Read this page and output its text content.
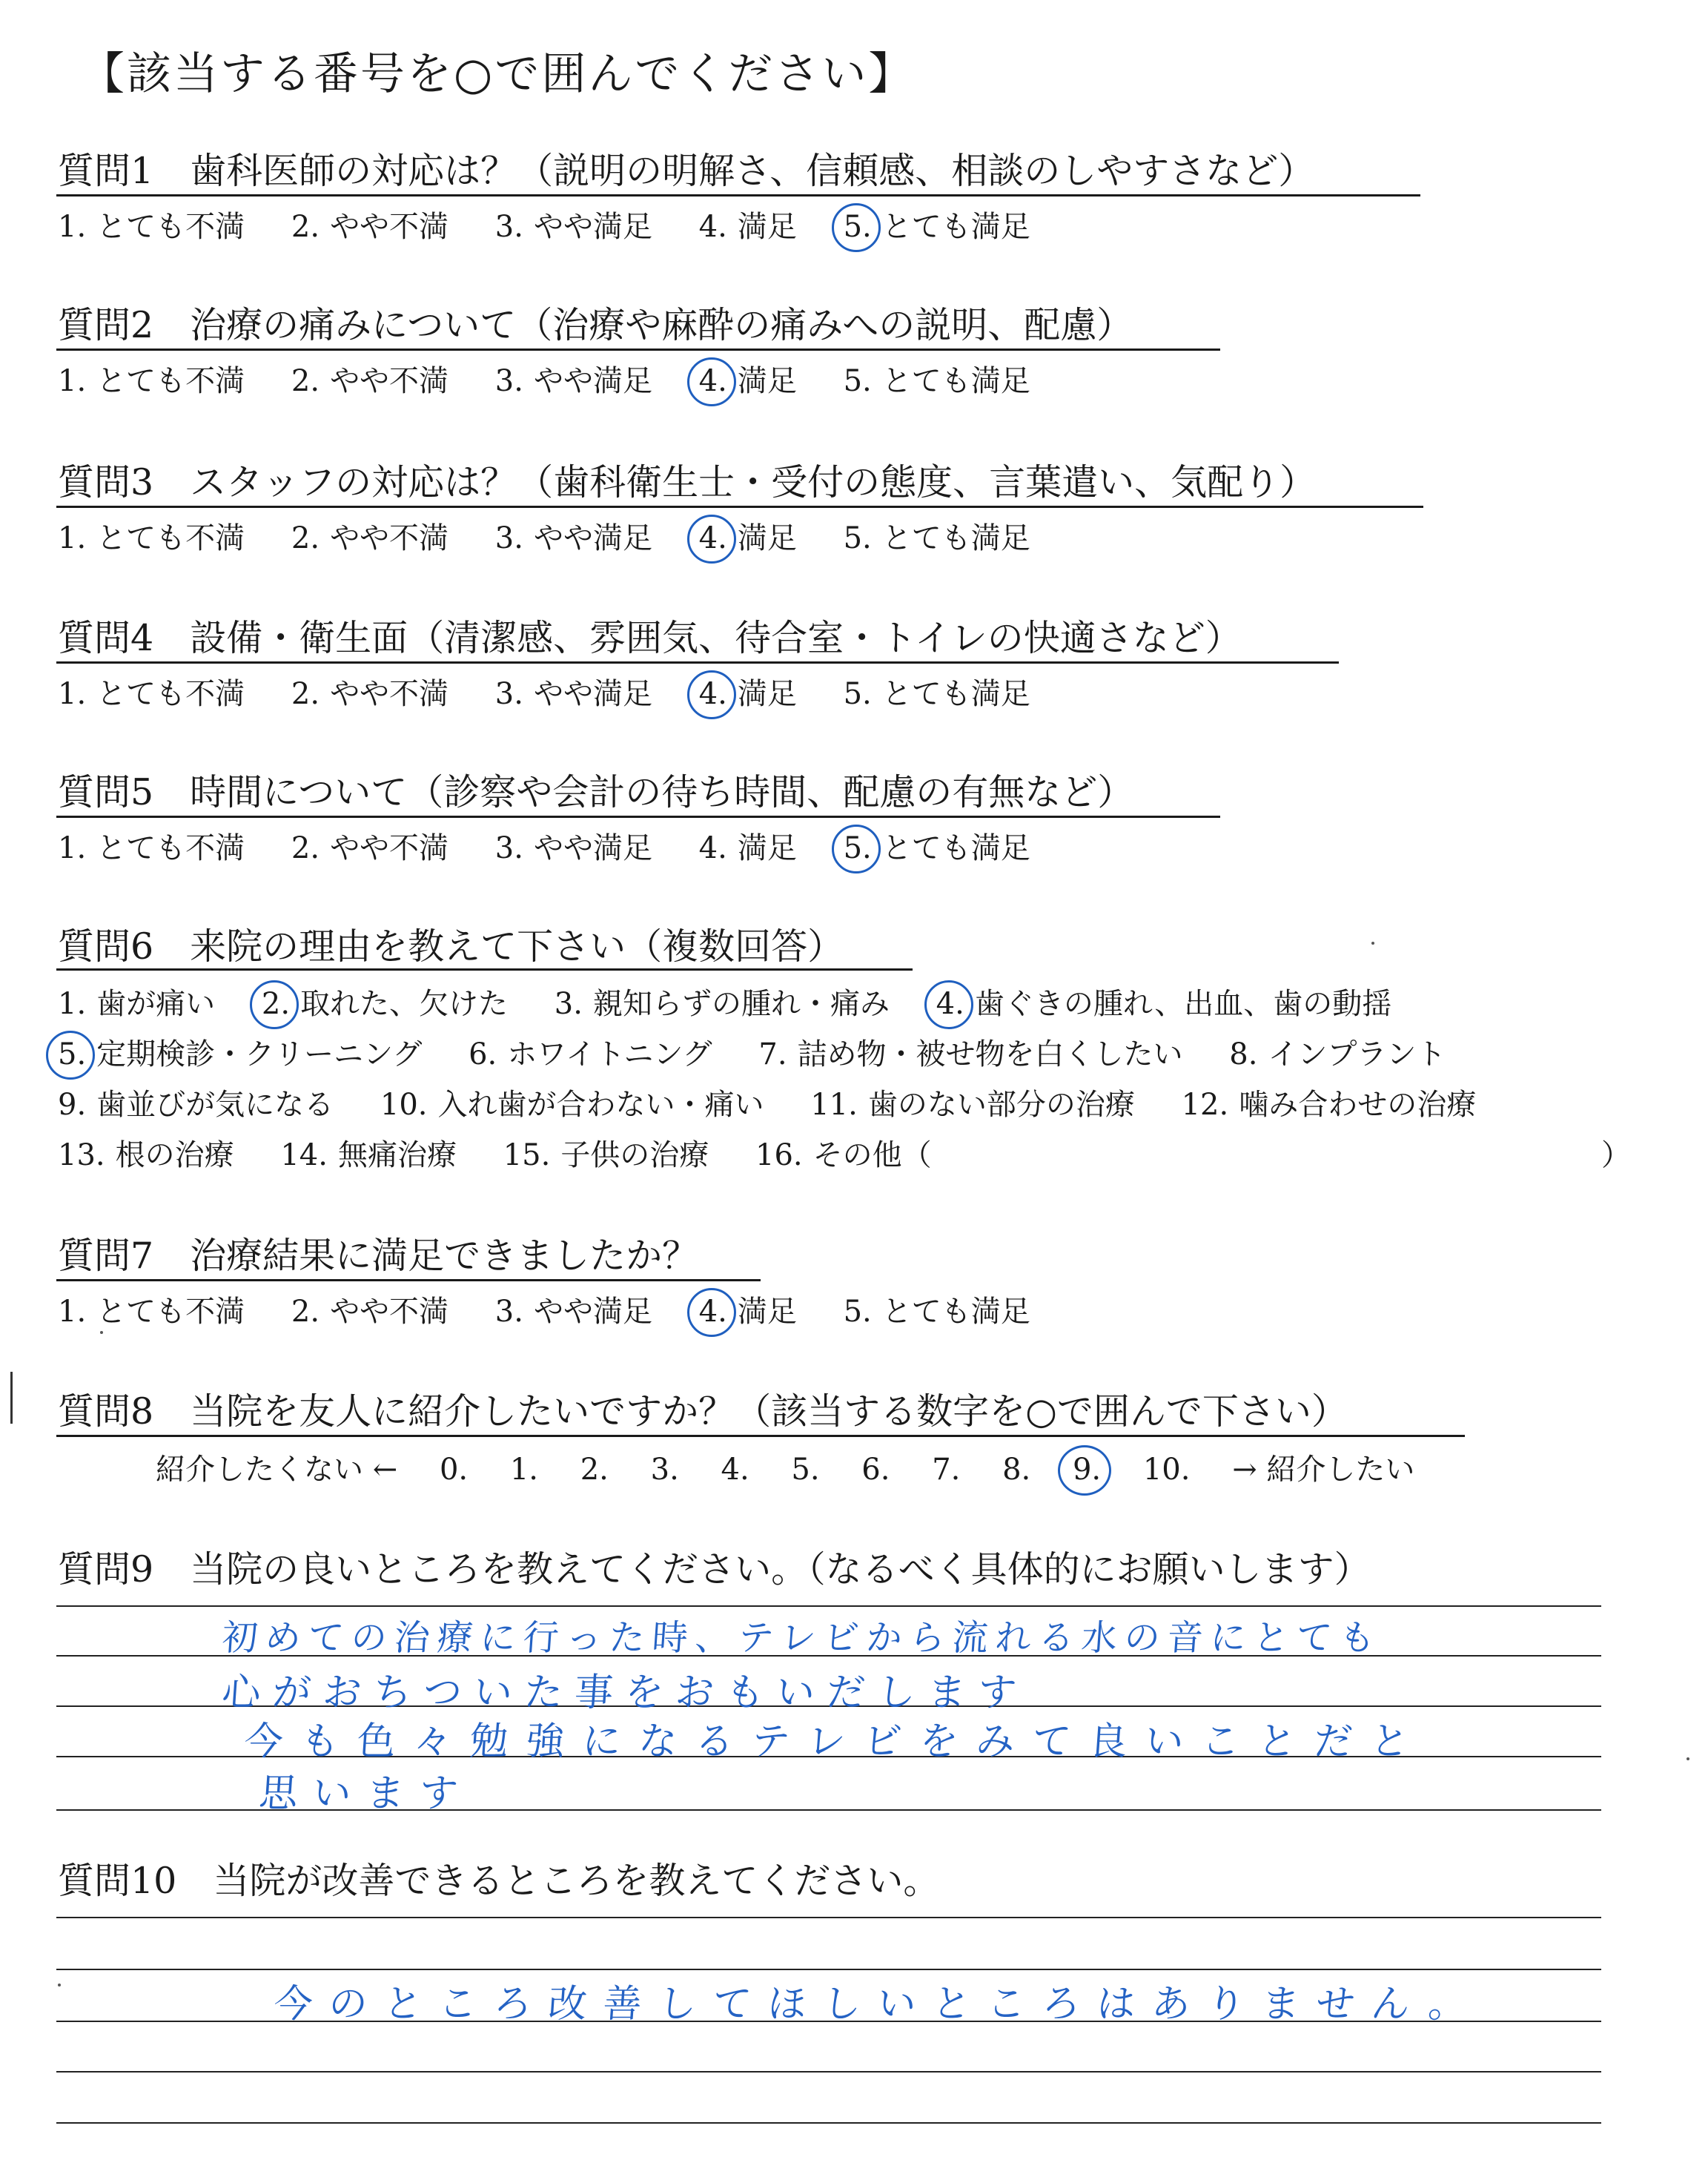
【該当する番号を○で囲んでください】
質問1　歯科医師の対応は？（説明の明解さ、信頼感、相談のしやすさなど）
1. とても不満 2. やや不満 3. やや満足 4. 満足 5. とても満足
質問2　治療の痛みについて（治療や麻酔の痛みへの説明、配慮）
1. とても不満 2. やや不満 3. やや満足 4. 満足 5. とても満足
質問3　スタッフの対応は？（歯科衛生士・受付の態度、言葉遣い、気配り）
1. とても不満 2. やや不満 3. やや満足 4. 満足 5. とても満足
質問4　設備・衛生面（清潔感、雰囲気、待合室・トイレの快適さなど）
1. とても不満 2. やや不満 3. やや満足 4. 満足 5. とても満足
質問5　時間について（診察や会計の待ち時間、配慮の有無など）
1. とても不満 2. やや不満 3. やや満足 4. 満足 5. とても満足
質問6　来院の理由を教えて下さい（複数回答）
1. 歯が痛い 2. 取れた、欠けた 3. 親知らずの腫れ・痛み 4. 歯ぐきの腫れ、出血、歯の動揺
5. 定期検診・クリーニング 6. ホワイトニング 7. 詰め物・被せ物を白くしたい 8. インプラント
9. 歯並びが気になる 10. 入れ歯が合わない・痛い 11. 歯のない部分の治療 12. 噛み合わせの治療
13. 根の治療 14. 無痛治療 15. 子供の治療 16. その他（	）
質問7　治療結果に満足できましたか？
1. とても不満 2. やや不満 3. やや満足 4. 満足 5. とても満足
質問8　当院を友人に紹介したいですか？（該当する数字を○で囲んで下さい）
紹介したくない ← 0. 1. 2. 3. 4. 5. 6. 7. 8. 9. 10. → 紹介したい
質問9　当院の良いところを教えてください。（なるべく具体的にお願いします）
初めての治療に行った時、テレビから流れる水の音にとても
心がおちついた事をおもいだします
今も色々勉強になるテレビをみて良いことだと
思います
質問10　当院が改善できるところを教えてください。
今のところ改善してほしいところはありません。
